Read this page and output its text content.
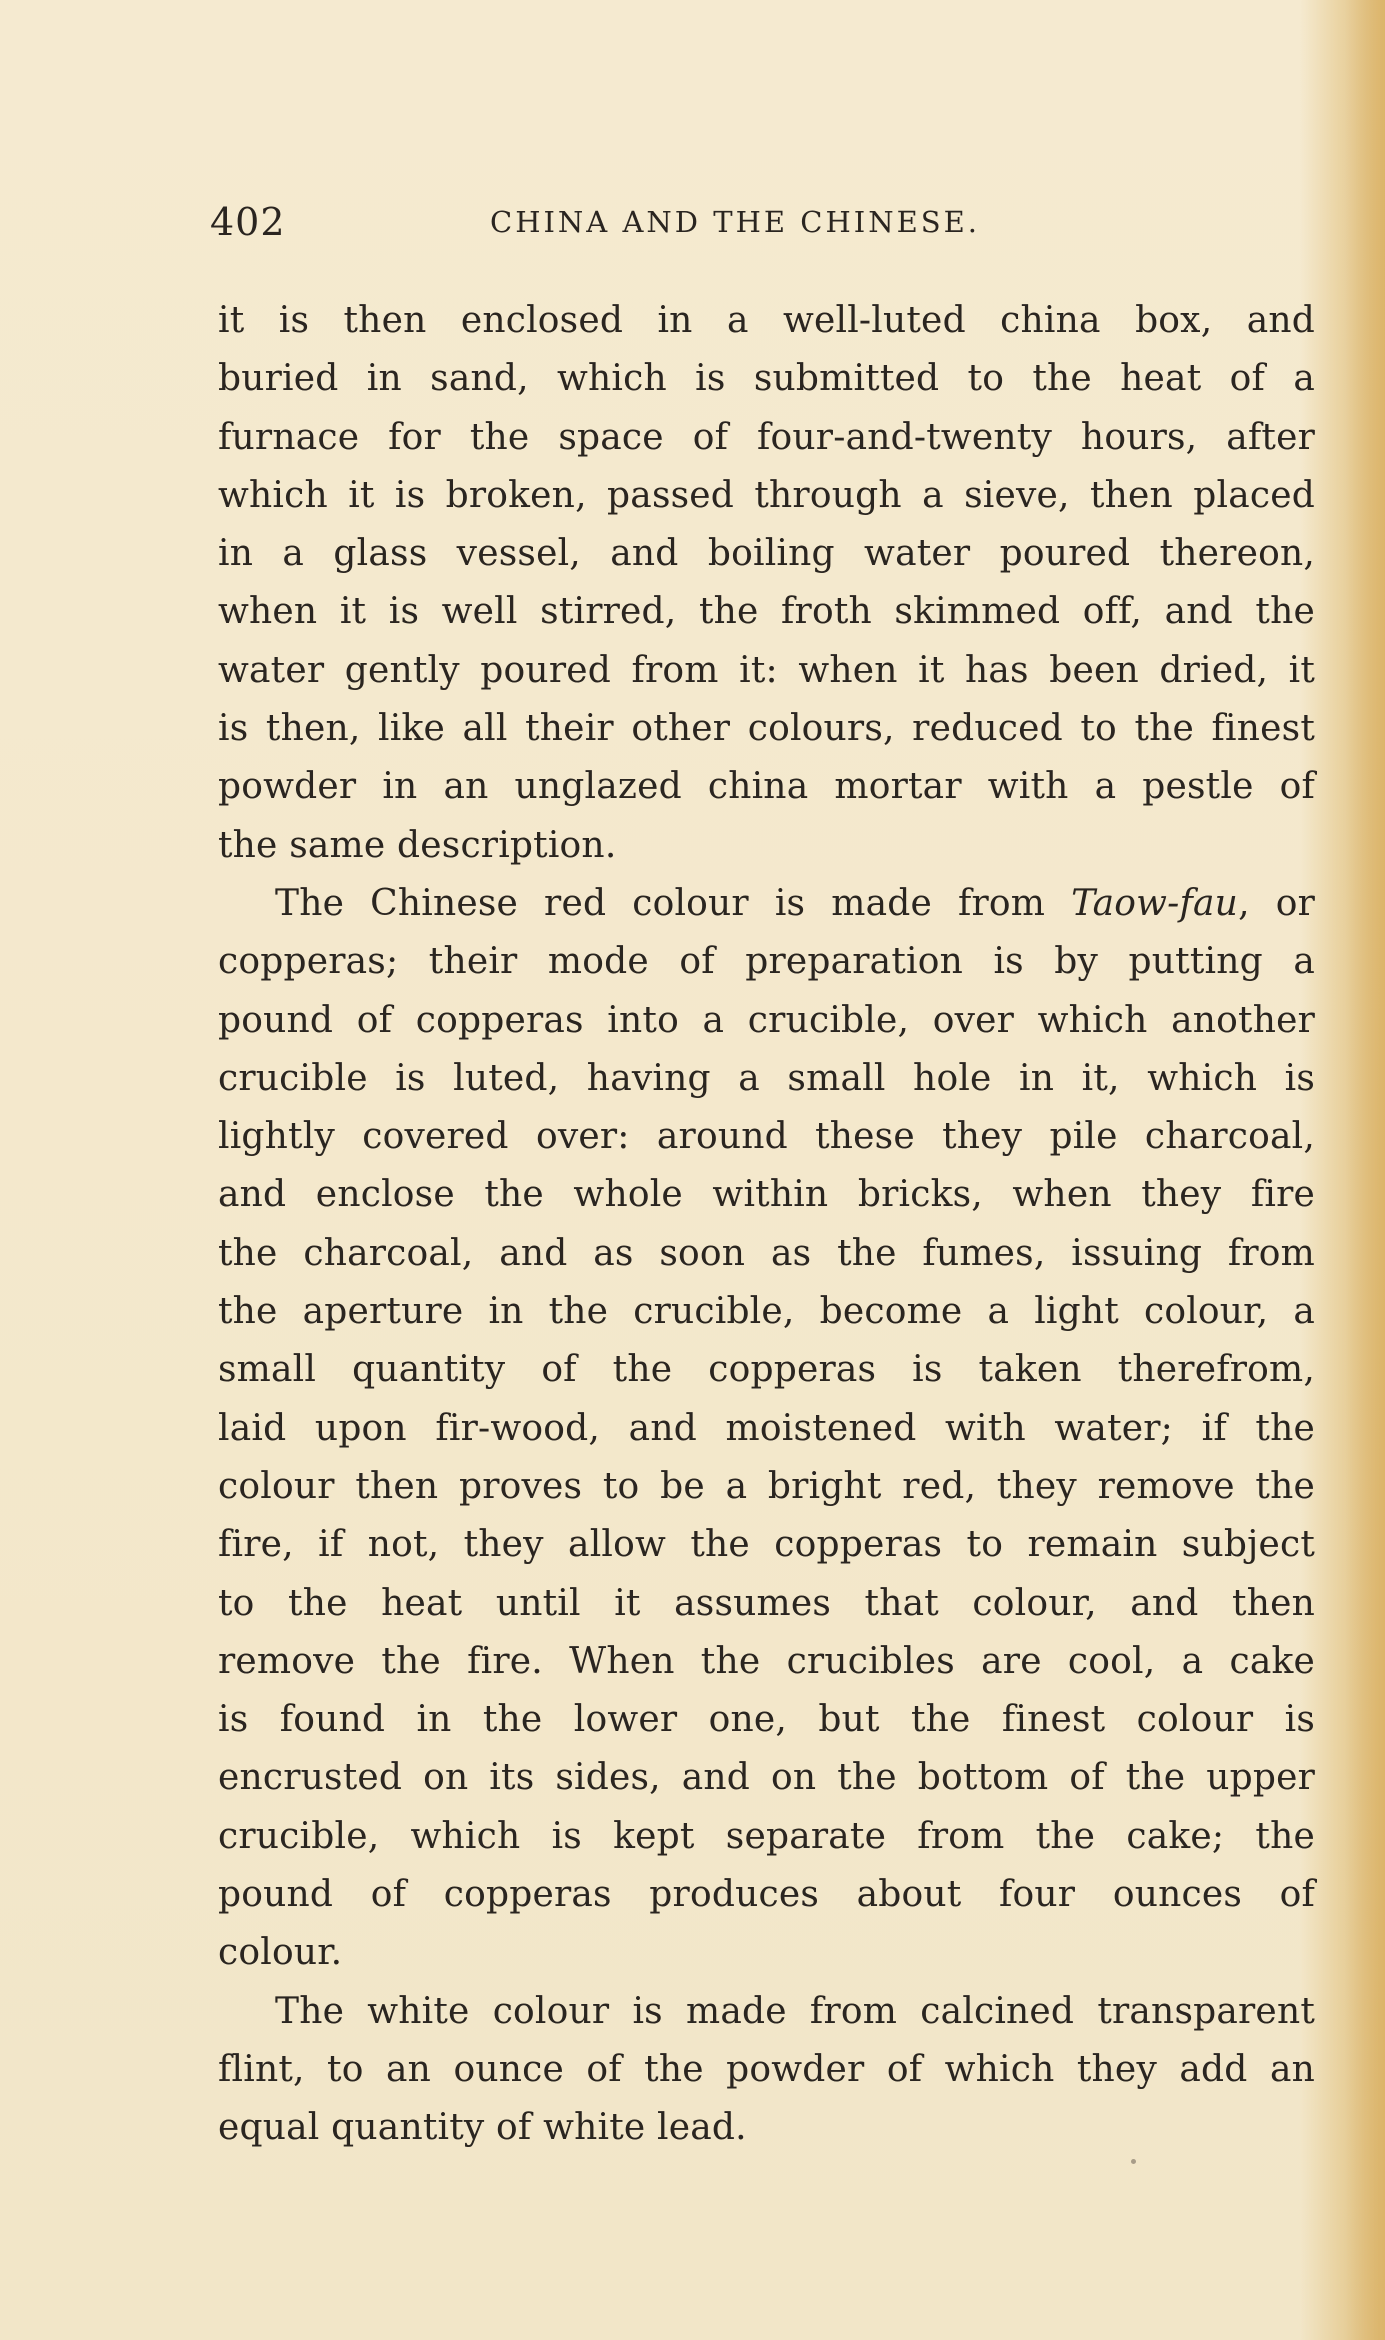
402	CHINA AND THE CHINESE.
it is then enclosed in a well-luted china box, and
buried in sand, which is submitted to the heat of a
furnace for the space of four-and-twenty hours, after
which it is broken, passed through a sieve, then placed
in a glass vessel, and boiling water poured thereon,
when it is well stirred, the froth skimmed off, and the
water gently poured from it: when it has been dried, it
is then, like all their other colours, reduced to the finest
powder in an unglazed china mortar with a pestle of
the same description.
The Chinese red colour is made from Taow-fau, or
copperas; their mode of preparation is by putting a
pound of copperas into a crucible, over which another
crucible is luted, having a small hole in it, which is
lightly covered over: around these they pile charcoal,
and enclose the whole within bricks, when they fire
the charcoal, and as soon as the fumes, issuing from
the aperture in the crucible, become a light colour, a
small quantity of the copperas is taken therefrom,
laid upon fir-wood, and moistened with water; if the
colour then proves to be a bright red, they remove the
fire, if not, they allow the copperas to remain subject
to the heat until it assumes that colour, and then
remove the fire. When the crucibles are cool, a cake
is found in the lower one, but the finest colour is
encrusted on its sides, and on the bottom of the upper
crucible, which is kept separate from the cake; the
pound of copperas produces about four ounces of
colour.
The white colour is made from calcined transparent
flint, to an ounce of the powder of which they add an
equal quantity of white lead.
